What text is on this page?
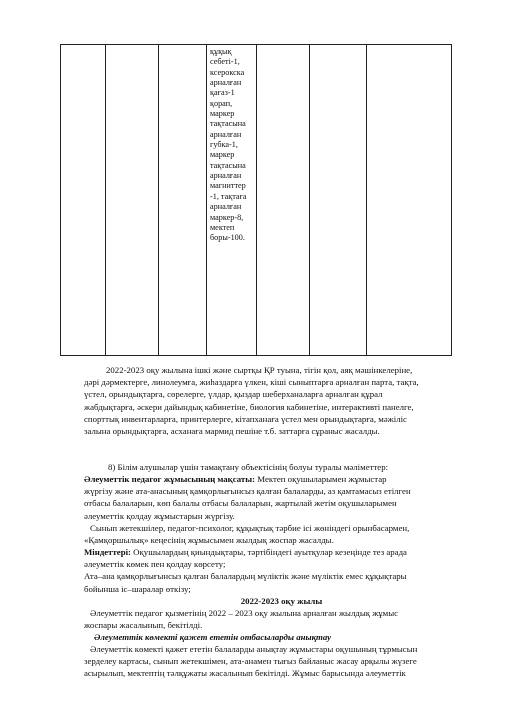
құқық
себеті-1,
ксерокска
арналған
қағаз-1
қорап,
маркер
тақтасына
арналған
губка-1,
маркер
тақтасына
арналған
магниттер
-1, тақтаға
арналған
маркер-8,
мектеп
боры-100.
2022-2023 оқу жылына ішкі және сыртқы ҚР туына, тігін қол, аяқ мәшінкелеріне,
дәрі дәрмектерге, линолеумға, жиһаздарға үлкен, кіші сыныптарға арналған парта, тақта,
үстел, орындықтарға, сөрелерге, үлдар, қыздар шеберханаларға арналған құрал
жабдықтарға, әскери дайындық кабинетіне, биология кабинетіне, интерактивті панелге,
спорттық инвентарларға, принтерлерге, кітапханаға үстел мен орындықтарға, мәжіліс
залына орындықтарға, асханаға мармид пешіне т.б. заттарға сұраныс жасалды.
8) Білім алушылар үшін тамақтану объектісінің болуы туралы мәліметтер:
Әлеуметтік педагог жұмысының мақсаты: Мектеп оқушыларымен жұмыстар
жүргізу және ата-анасының қамқорлығынсыз қалған балаларды, аз қамтамасыз етілген
отбасы балаларын, көп балалы отбасы балаларын, жартылай жетім оқушыларымен
әлеуметтік қолдау жұмыстарын жүргізу.
Сынып жетекшілер, педагог-психолог, құқықтық тәрбие ісі жөніндегі орынбасармен,
«Қамқоршылық» кеңесінің жұмысымен жылдық жоспар жасалды.
Міндеттері: Оқушылардың қиындықтары, тәртібіндегі ауытқулар кезеңінде тез арада
әлеуметтік көмек пен қолдау көрсету;
Ата–ана қамқорлығынсыз қалған балалардың мүліктік және мүліктік емес құқықтары
бойынша іс–шаралар өткізу;
2022-2023 оқу жылы
Әлеуметтік педагог қызметінің 2022 – 2023 оқу жылына арналған жылдық жұмыс
жоспары жасалынып, бекітілді.
Әлеуметтік көмекті қажет ететін отбасыларды анықтау
Әлеуметтік көмекті қажет ететін балаларды анықтау жұмыстары оқушының тұрмысын
зерделеу картасы, сынып жетекшімен, ата-анамен тығыз байланыс жасау арқылы жүзеге
асырылып, мектептің тәлқұжаты жасалынып бекітілді. Жұмыс барысында әлеуметтік
